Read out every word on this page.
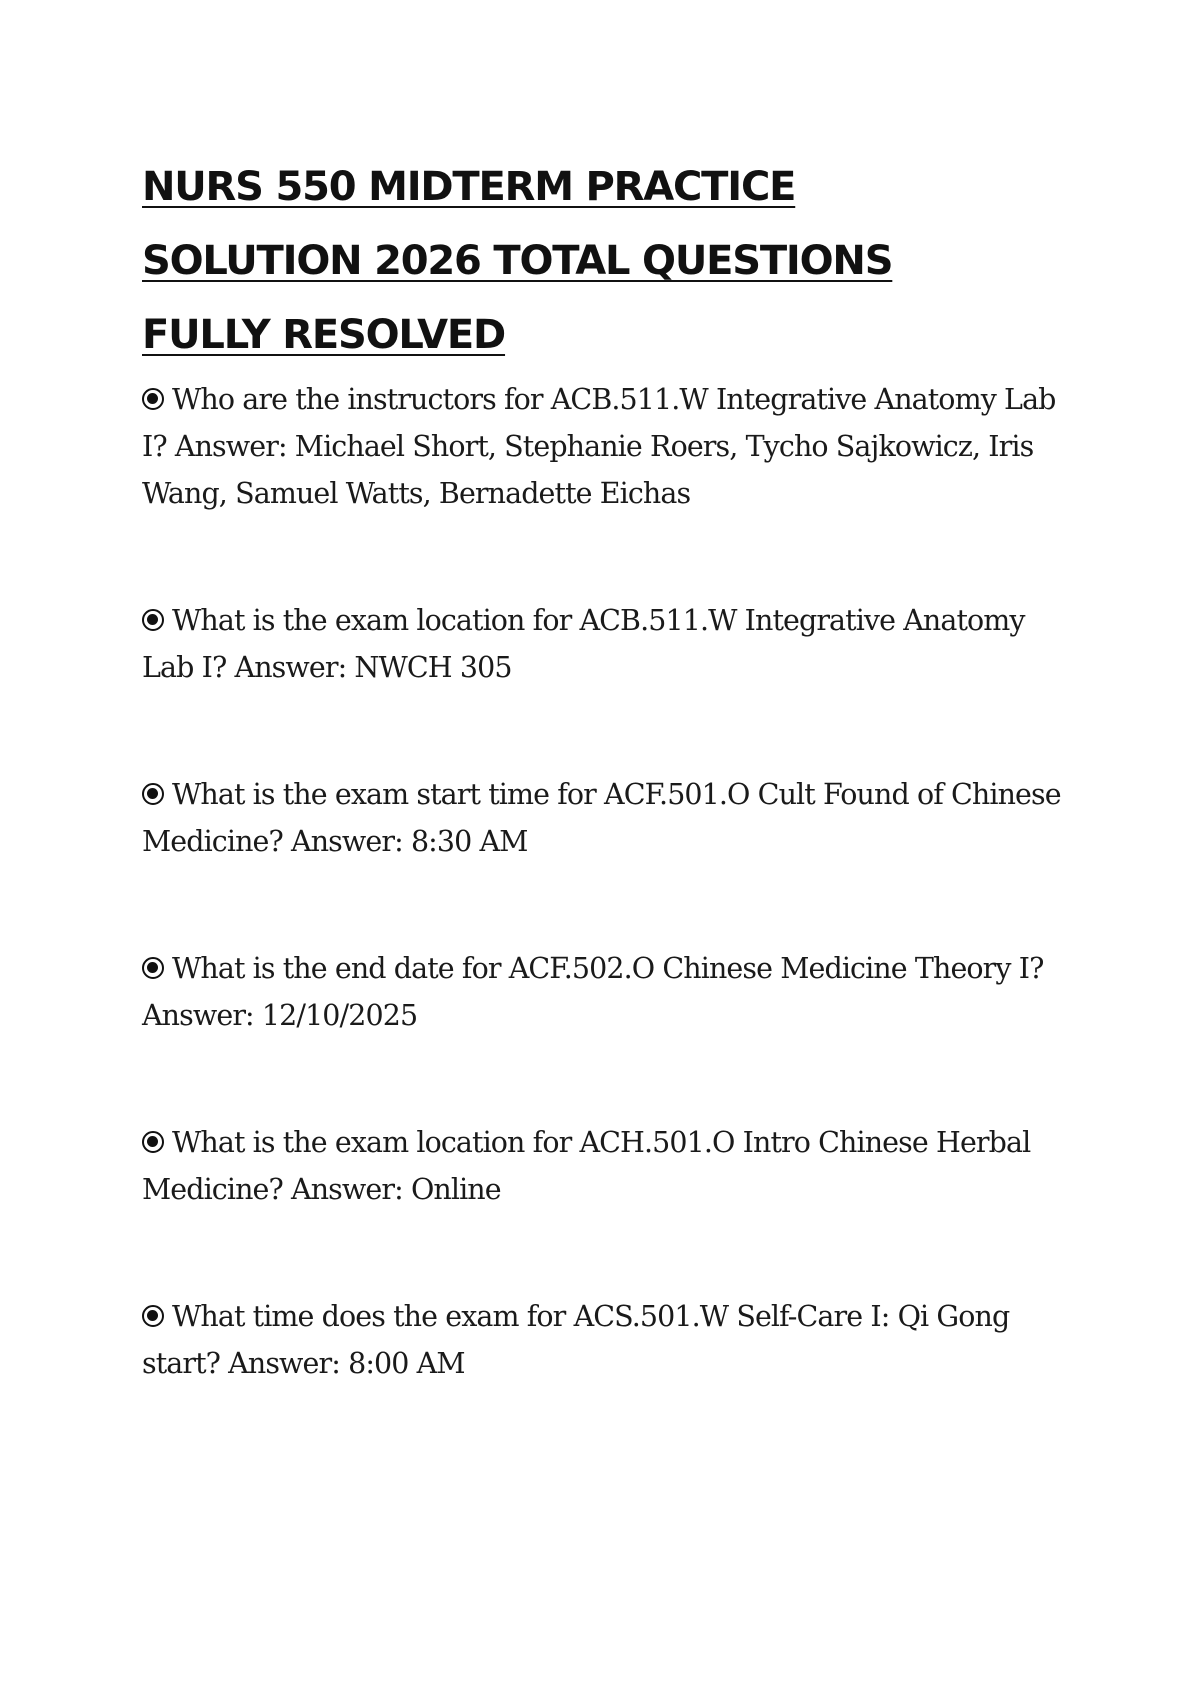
NURS 550 MIDTERM PRACTICE SOLUTION 2026 TOTAL QUESTIONS FULLY RESOLVED

Who are the instructors for ACB.511.W Integrative Anatomy Lab I? Answer: Michael Short, Stephanie Roers, Tycho Sajkowicz, Iris Wang, Samuel Watts, Bernadette Eichas

What is the exam location for ACB.511.W Integrative Anatomy Lab I? Answer: NWCH 305

What is the exam start time for ACF.501.O Cult Found of Chinese Medicine? Answer: 8:30 AM

What is the end date for ACF.502.O Chinese Medicine Theory I? Answer: 12/10/2025

What is the exam location for ACH.501.O Intro Chinese Herbal Medicine? Answer: Online

What time does the exam for ACS.501.W Self-Care I: Qi Gong start? Answer: 8:00 AM
